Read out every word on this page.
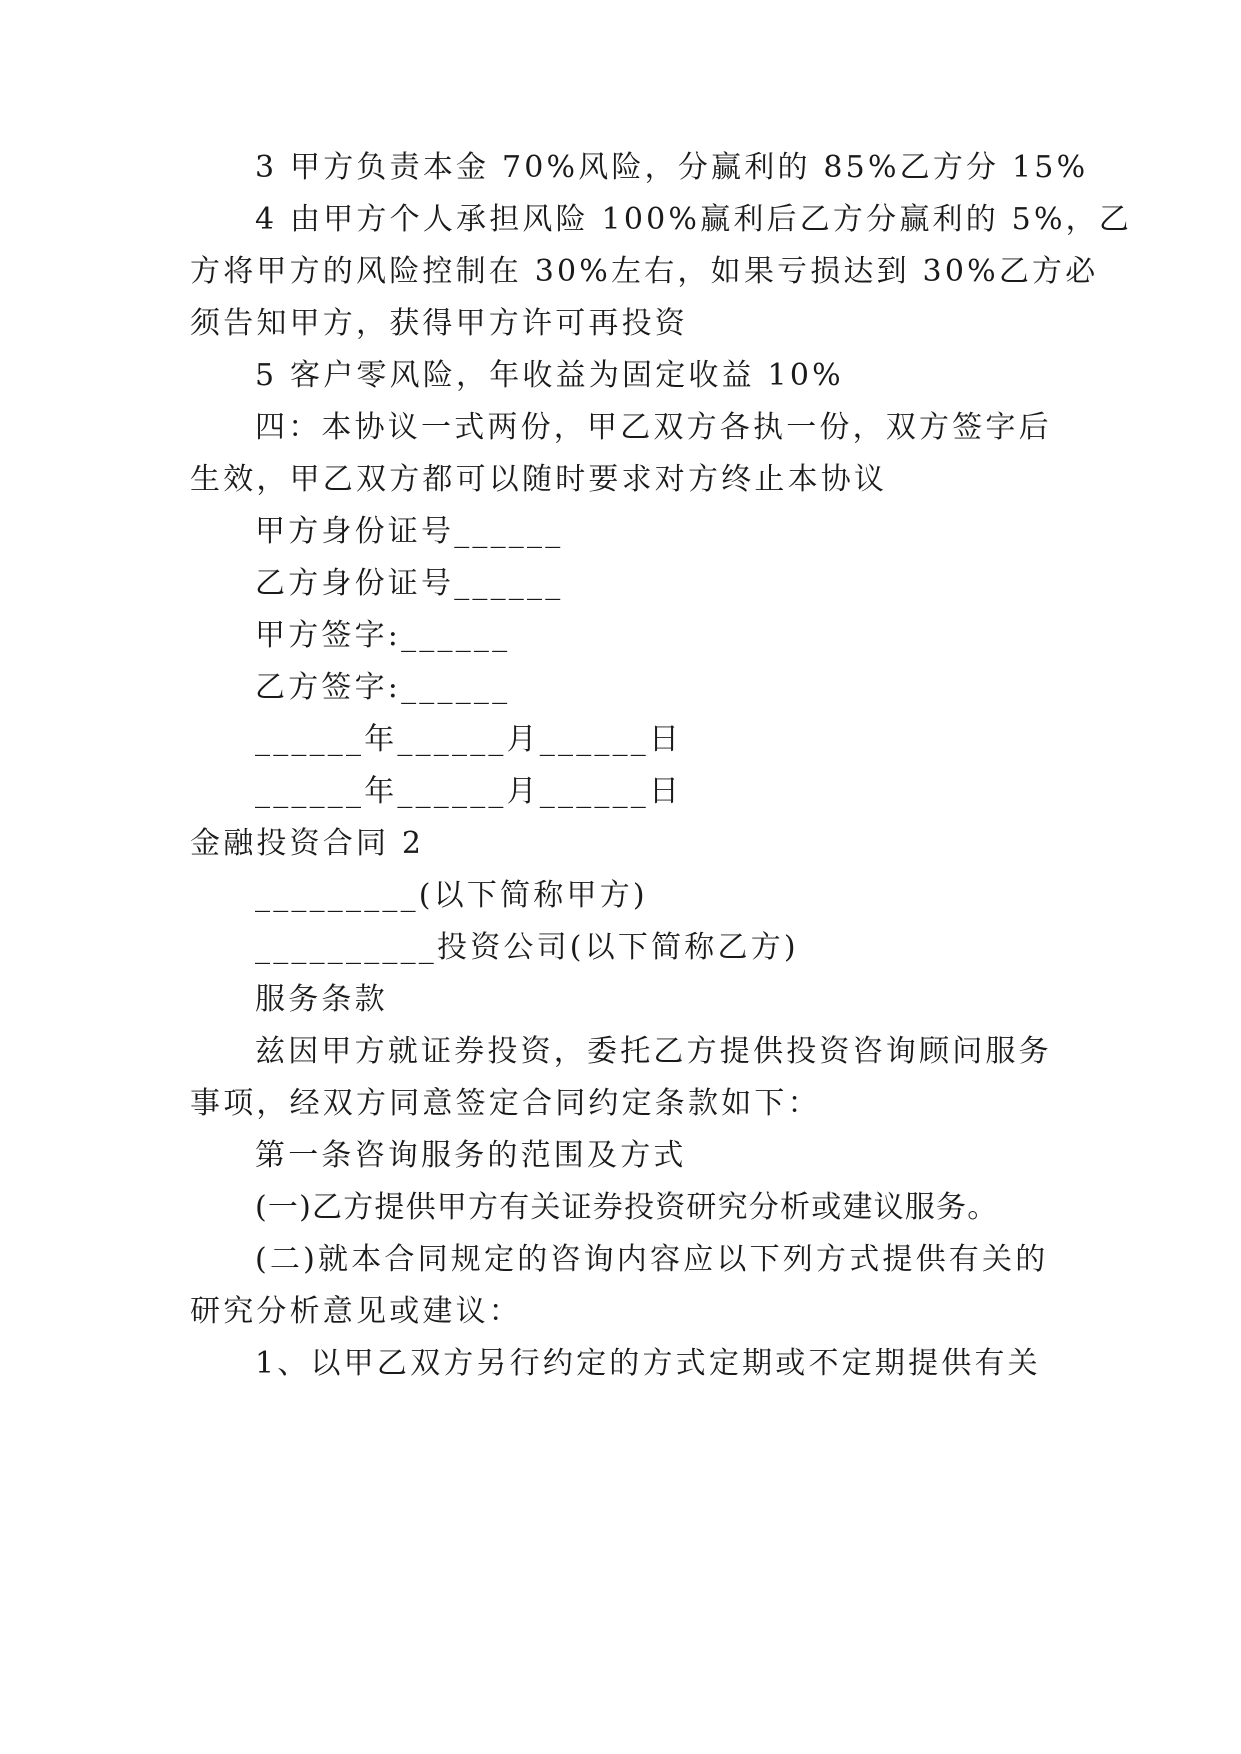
3 甲方负责本金 70%风险，分赢利的 85%乙方分 15%
4 由甲方个人承担风险 100%赢利后乙方分赢利的 5%，乙
方将甲方的风险控制在 30%左右，如果亏损达到 30%乙方必
须告知甲方，获得甲方许可再投资
5 客户零风险，年收益为固定收益 10%
四：本协议一式两份，甲乙双方各执一份，双方签字后
生效，甲乙双方都可以随时要求对方终止本协议
甲方身份证号______
乙方身份证号______
甲方签字:______
乙方签字:______
______年______月______日
______年______月______日
金融投资合同 2
_________(以下简称甲方)
__________投资公司(以下简称乙方)
服务条款
兹因甲方就证券投资，委托乙方提供投资咨询顾问服务
事项，经双方同意签定合同约定条款如下：
第一条咨询服务的范围及方式
(一)乙方提供甲方有关证券投资研究分析或建议服务。
(二)就本合同规定的咨询内容应以下列方式提供有关的
研究分析意见或建议：
1、以甲乙双方另行约定的方式定期或不定期提供有关
